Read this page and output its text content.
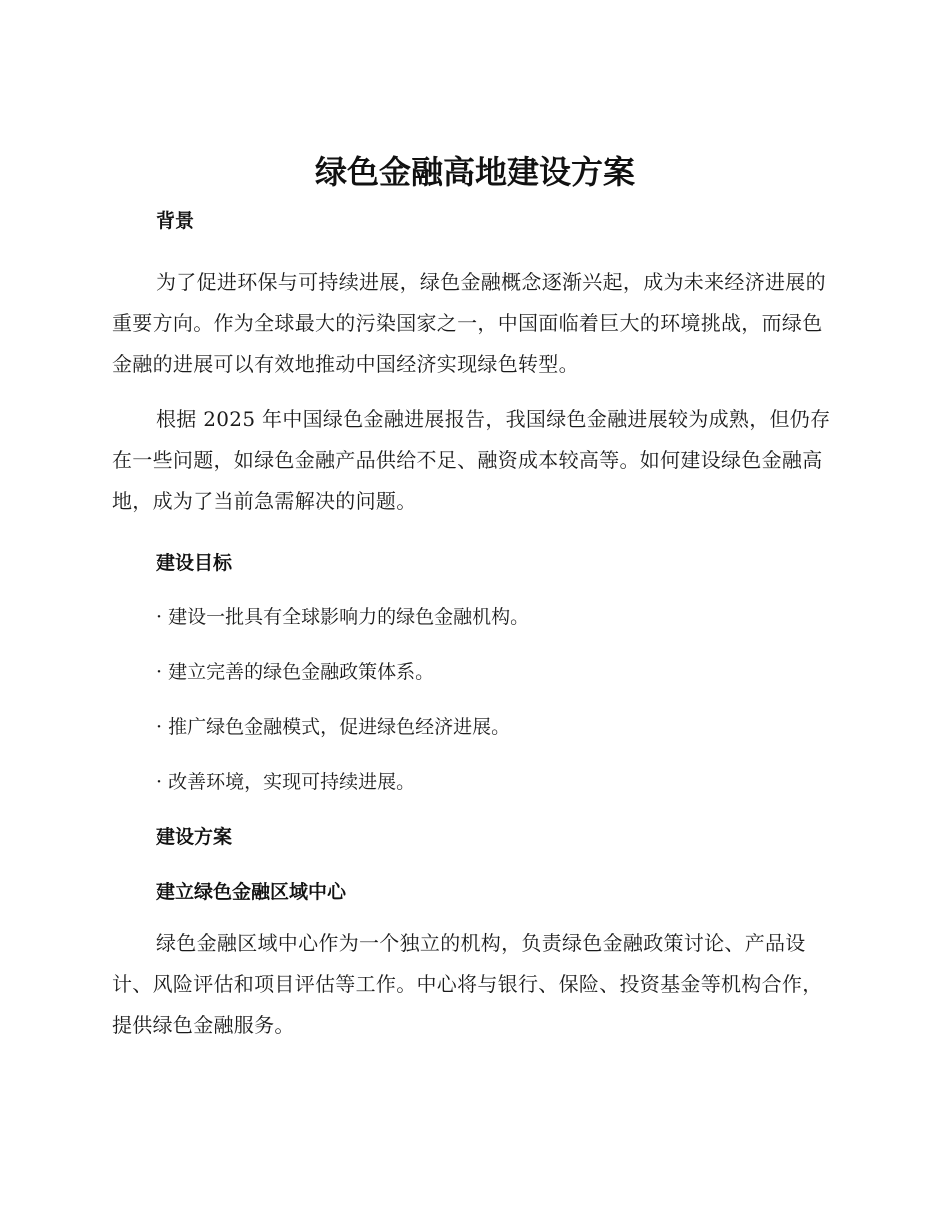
绿色金融高地建设方案
背景

为了促进环保与可持续进展，绿色金融概念逐渐兴起，成为未来经济进展的重要方向。作为全球最大的污染国家之一，中国面临着巨大的环境挑战，而绿色金融的进展可以有效地推动中国经济实现绿色转型。

根据 2025 年中国绿色金融进展报告，我国绿色金融进展较为成熟，但仍存在一些问题，如绿色金融产品供给不足、融资成本较高等。如何建设绿色金融高地，成为了当前急需解决的问题。

建设目标

· 建设一批具有全球影响力的绿色金融机构。

· 建立完善的绿色金融政策体系。

· 推广绿色金融模式，促进绿色经济进展。

· 改善环境，实现可持续进展。

建设方案
建立绿色金融区域中心

绿色金融区域中心作为一个独立的机构，负责绿色金融政策讨论、产品设计、风险评估和项目评估等工作。中心将与银行、保险、投资基金等机构合作，提供绿色金融服务。
